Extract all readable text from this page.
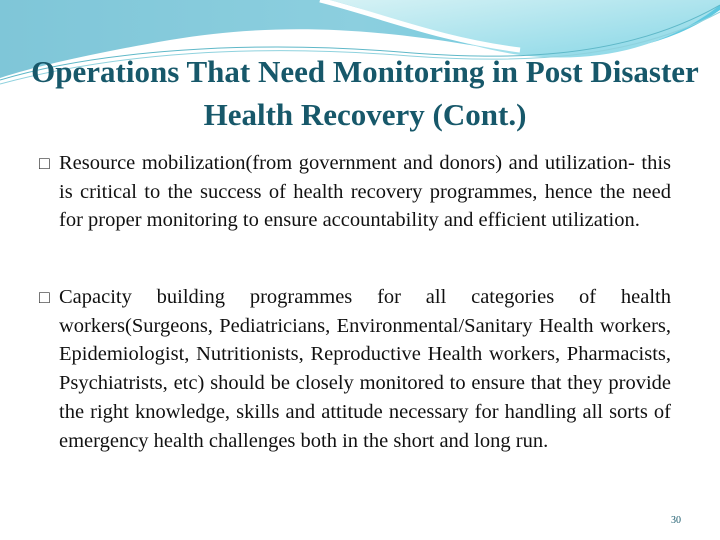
Operations That Need Monitoring in Post Disaster Health Recovery (Cont.)
□ Resource mobilization(from government and donors) and utilization- this is critical to the success of health recovery programmes, hence the need for proper monitoring to ensure accountability and efficient utilization.
□ Capacity building programmes for all categories of health workers(Surgeons, Pediatricians, Environmental/Sanitary Health workers, Epidemiologist, Nutritionists, Reproductive Health workers, Pharmacists, Psychiatrists, etc) should be closely monitored to ensure that they provide the right knowledge, skills and attitude necessary for handling all sorts of emergency health challenges both in the short and long run.
30
